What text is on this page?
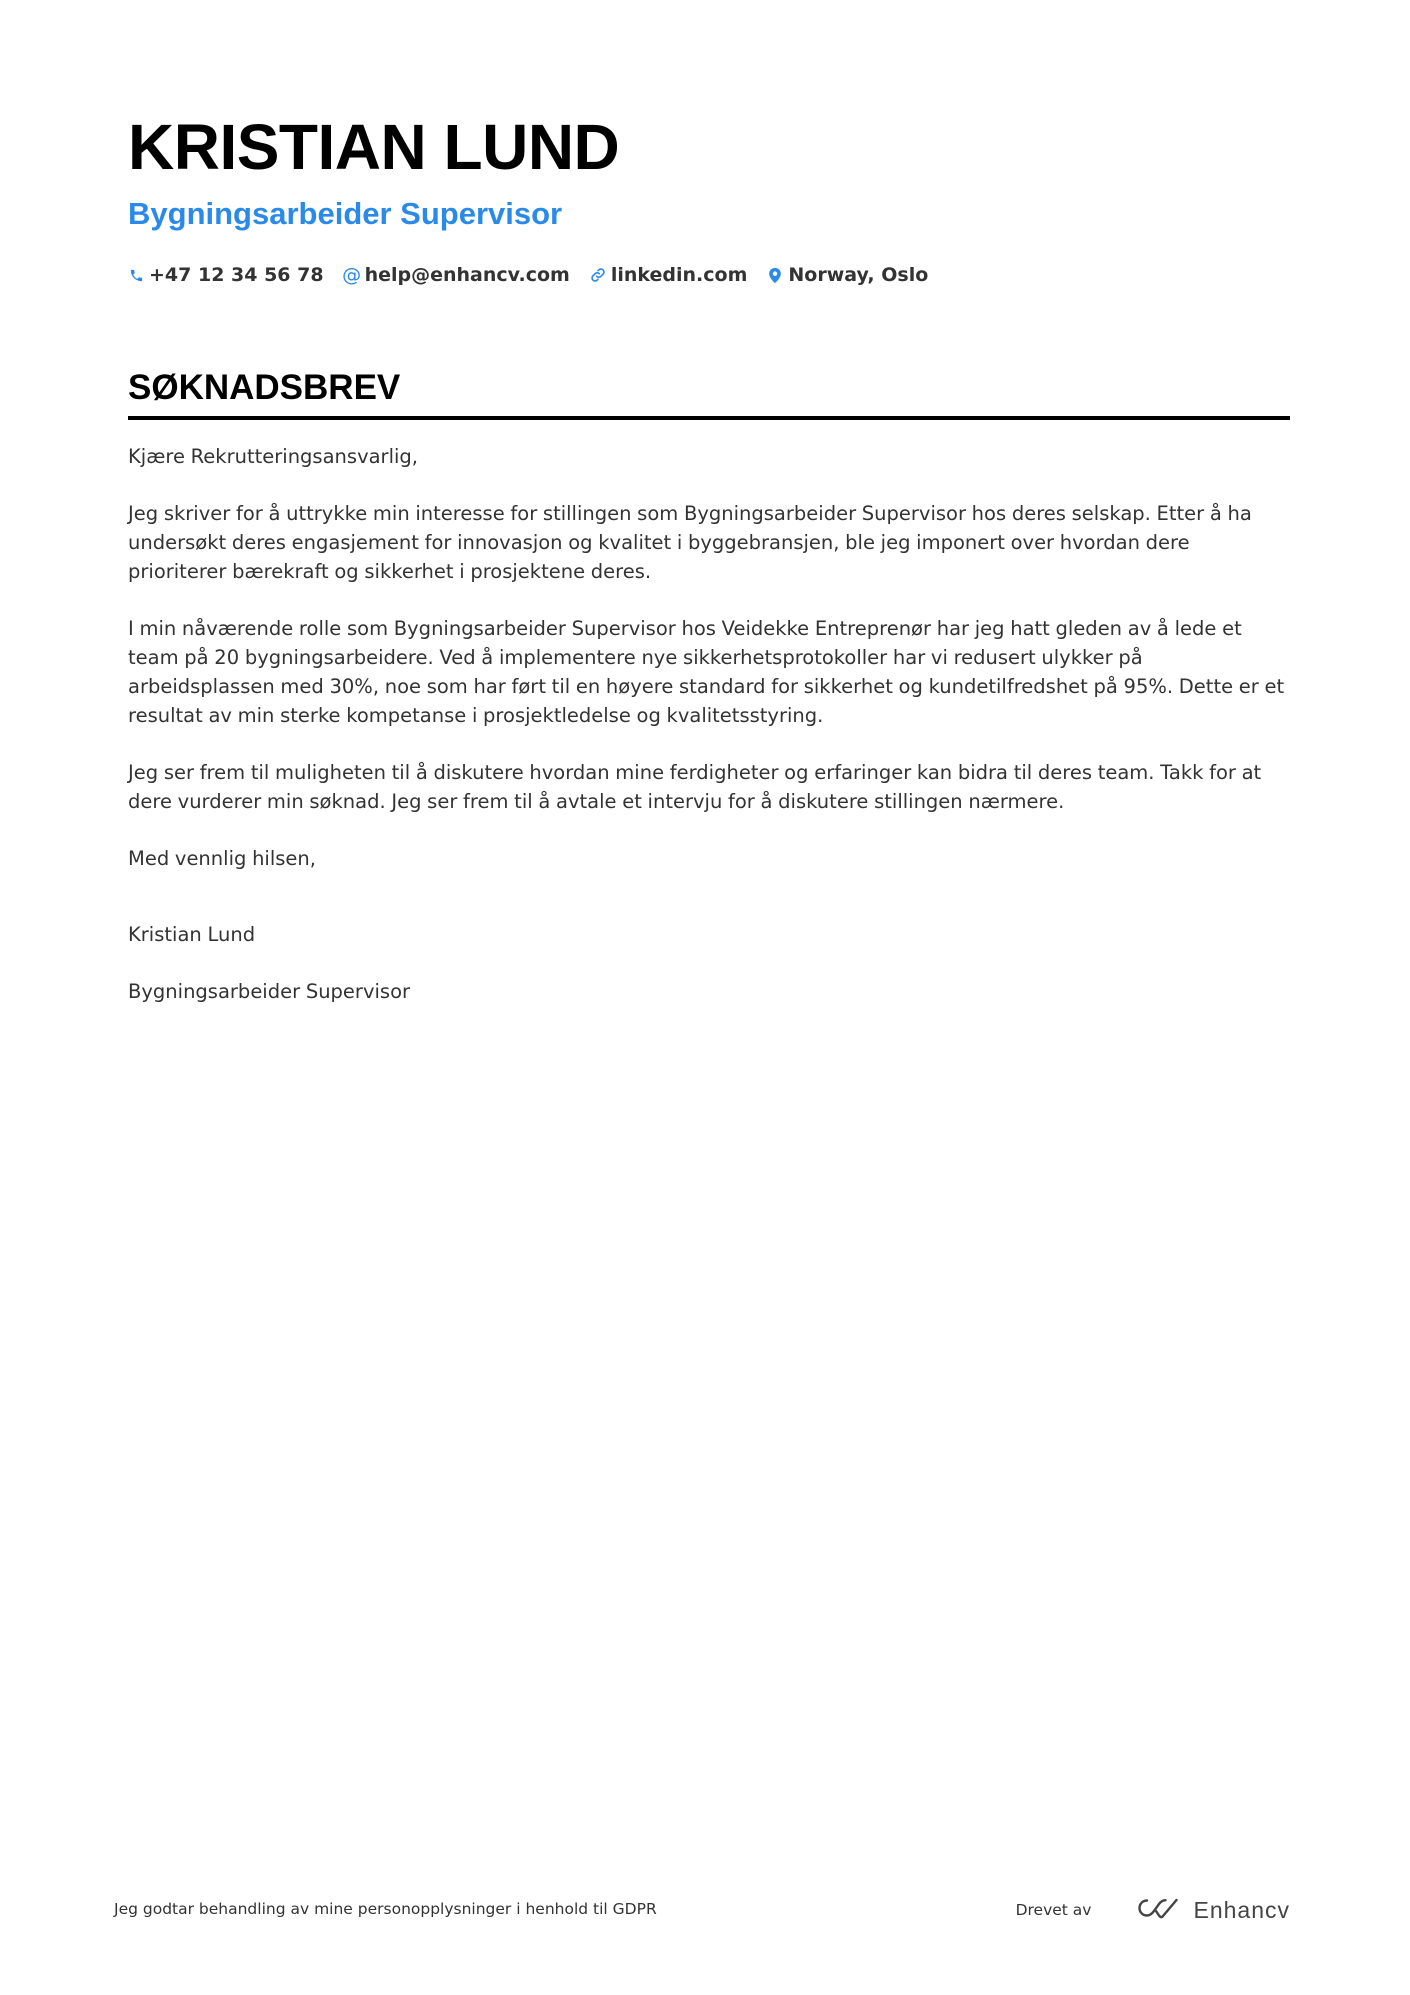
KRISTIAN LUND
Bygningsarbeider Supervisor
+47 12 34 56 78 @ help@enhancv.com linkedin.com Norway, Oslo
SØKNADSBREV

Kjære Rekrutteringsansvarlig,

Jeg skriver for å uttrykke min interesse for stillingen som Bygningsarbeider Supervisor hos deres selskap. Etter å ha undersøkt deres engasjement for innovasjon og kvalitet i byggebransjen, ble jeg imponert over hvordan dere prioriterer bærekraft og sikkerhet i prosjektene deres.

I min nåværende rolle som Bygningsarbeider Supervisor hos Veidekke Entreprenør har jeg hatt gleden av å lede et team på 20 bygningsarbeidere. Ved å implementere nye sikkerhetsprotokoller har vi redusert ulykker på arbeidsplassen med 30%, noe som har ført til en høyere standard for sikkerhet og kundetilfredshet på 95%. Dette er et resultat av min sterke kompetanse i prosjektledelse og kvalitetsstyring.

Jeg ser frem til muligheten til å diskutere hvordan mine ferdigheter og erfaringer kan bidra til deres team. Takk for at dere vurderer min søknad. Jeg ser frem til å avtale et intervju for å diskutere stillingen nærmere.

Med vennlig hilsen,

Kristian Lund

Bygningsarbeider Supervisor

Jeg godtar behandling av mine personopplysninger i henhold til GDPR	Drevet av	Enhancv
